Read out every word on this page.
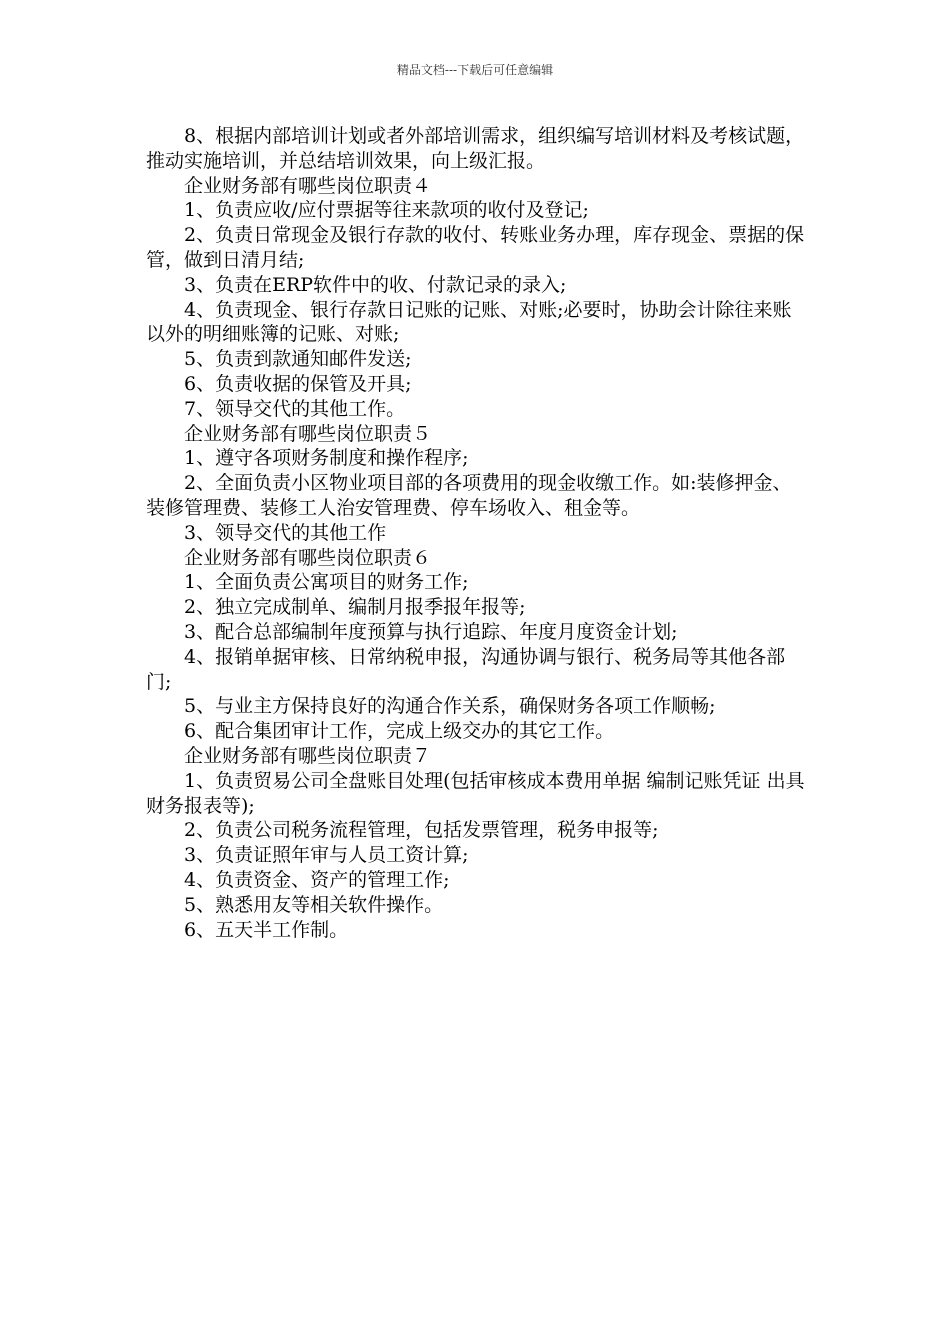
精品文档---下载后可任意编辑

8、根据内部培训计划或者外部培训需求，组织编写培训材料及考核试题，推动实施培训，并总结培训效果，向上级汇报。

企业财务部有哪些岗位职责４

1、负责应收/应付票据等往来款项的收付及登记;

2、负责日常现金及银行存款的收付、转账业务办理，库存现金、票据的保管，做到日清月结;

3、负责在ERP软件中的收、付款记录的录入;

4、负责现金、银行存款日记账的记账、对账;必要时，协助会计除往来账以外的明细账簿的记账、对账;

5、负责到款通知邮件发送;

6、负责收据的保管及开具;

7、领导交代的其他工作。

企业财务部有哪些岗位职责５

1、遵守各项财务制度和操作程序;

2、全面负责小区物业项目部的各项费用的现金收缴工作。如:装修押金、装修管理费、装修工人治安管理费、停车场收入、租金等。

3、领导交代的其他工作

企业财务部有哪些岗位职责６

1、全面负责公寓项目的财务工作;

2、独立完成制单、编制月报季报年报等;

3、配合总部编制年度预算与执行追踪、年度月度资金计划;

4、报销单据审核、日常纳税申报，沟通协调与银行、税务局等其他各部门;

5、与业主方保持良好的沟通合作关系，确保财务各项工作顺畅;

6、配合集团审计工作，完成上级交办的其它工作。

企业财务部有哪些岗位职责７

1、负责贸易公司全盘账目处理(包括审核成本费用单据 编制记账凭证 出具财务报表等);

2、负责公司税务流程管理，包括发票管理，税务申报等;

3、负责证照年审与人员工资计算;

4、负责资金、资产的管理工作;

5、熟悉用友等相关软件操作。

6、五天半工作制。
